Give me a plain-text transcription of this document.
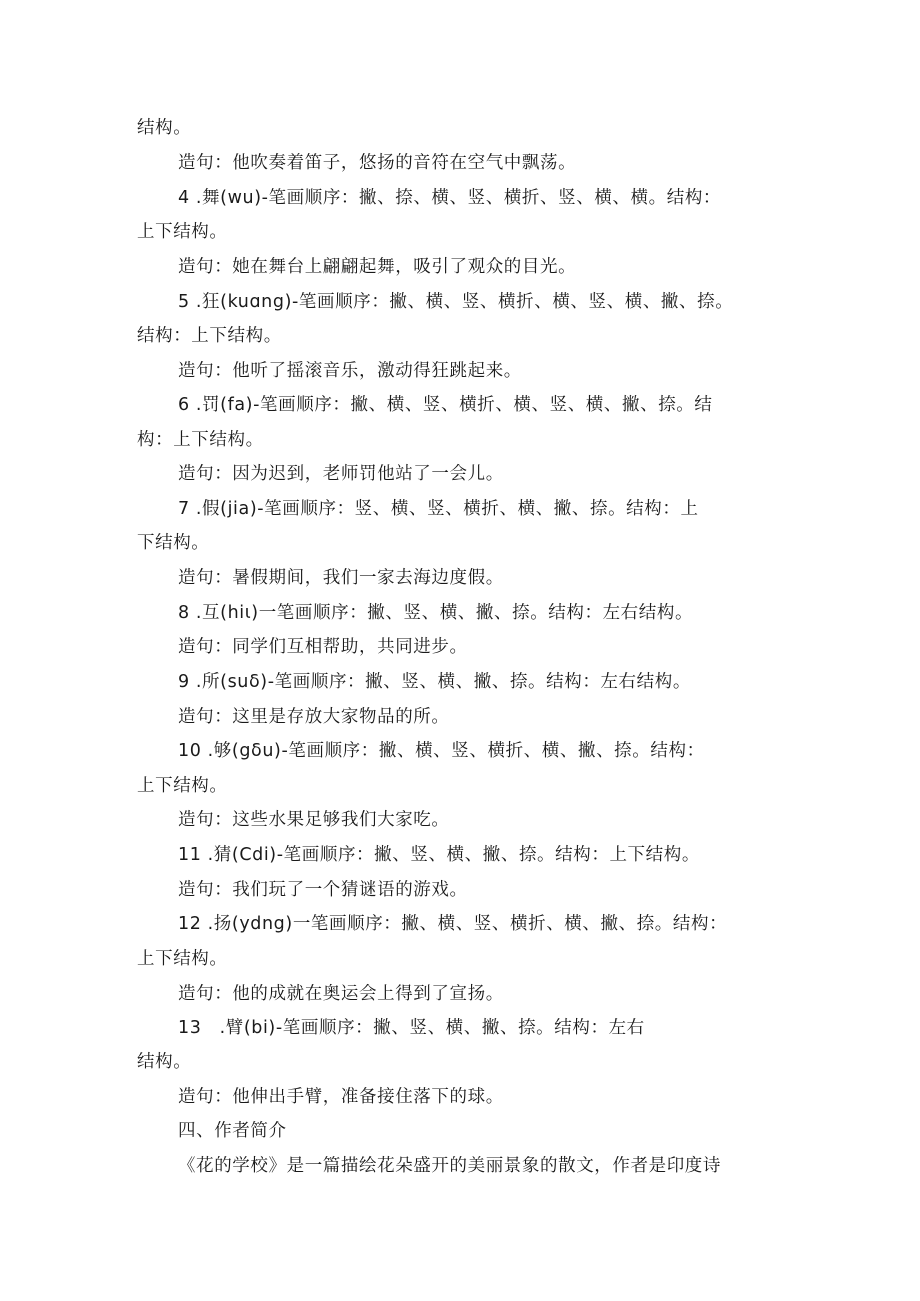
结构。
造句：他吹奏着笛子，悠扬的音符在空气中飘荡。
4 .舞(wu)-笔画顺序：撇、捺、横、竖、横折、竖、横、横。结构：
上下结构。
造句：她在舞台上翩翩起舞，吸引了观众的目光。
5 .狂(kuɑng)-笔画顺序：撇、横、竖、横折、横、竖、横、撇、捺。
结构：上下结构。
造句：他听了摇滚音乐，激动得狂跳起来。
6 .罚(fa)-笔画顺序：撇、横、竖、横折、横、竖、横、撇、捺。结
构：上下结构。
造句：因为迟到，老师罚他站了一会儿。
7 .假(jia)-笔画顺序：竖、横、竖、横折、横、撇、捺。结构：上
下结构。
造句：暑假期间，我们一家去海边度假。
8 .互(hiι)一笔画顺序：撇、竖、横、撇、捺。结构：左右结构。
造句：同学们互相帮助，共同进步。
9 .所(suδ)-笔画顺序：撇、竖、横、撇、捺。结构：左右结构。
造句：这里是存放大家物品的所。
10 .够(gδu)-笔画顺序：撇、横、竖、横折、横、撇、捺。结构：
上下结构。
造句：这些水果足够我们大家吃。
11 .猜(Cdi)-笔画顺序：撇、竖、横、撇、捺。结构：上下结构。
造句：我们玩了一个猜谜语的游戏。
12 .扬(ydng)一笔画顺序：撇、横、竖、横折、横、撇、捺。结构：
上下结构。
造句：他的成就在奥运会上得到了宣扬。
13　.臂(bi)-笔画顺序：撇、竖、横、撇、捺。结构：左右
结构。
造句：他伸出手臂，准备接住落下的球。
四、作者简介
《花的学校》是一篇描绘花朵盛开的美丽景象的散文，作者是印度诗
